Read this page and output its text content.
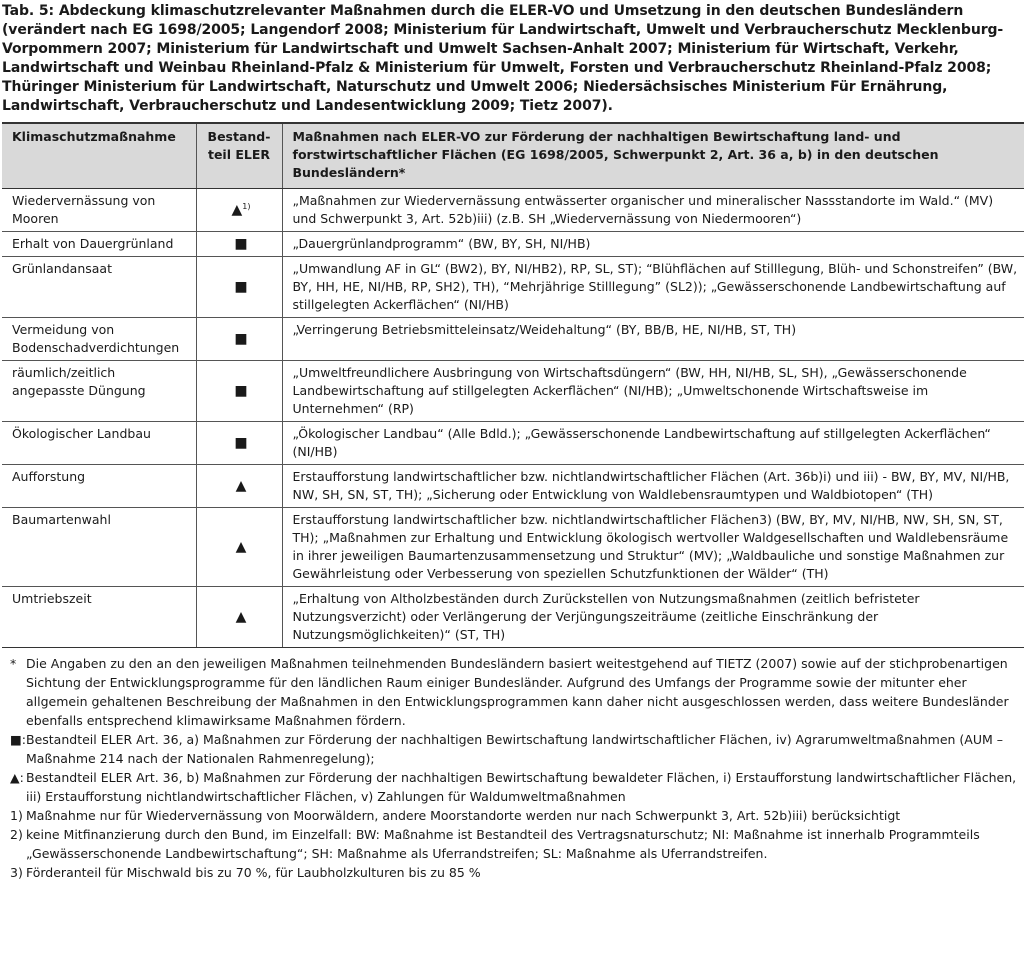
Tab. 5: Abdeckung klimaschutzrelevanter Maßnahmen durch die ELER-VO und Umsetzung in den deutschen Bundesländern (verändert nach EG 1698/2005; Langendorf 2008; Ministerium für Landwirtschaft, Umwelt und Verbraucherschutz Mecklenburg-Vorpommern 2007; Ministerium für Landwirtschaft und Umwelt Sachsen-Anhalt 2007; Ministerium für Wirtschaft, Verkehr, Landwirtschaft und Weinbau Rheinland-Pfalz & Ministerium für Umwelt, Forsten und Verbraucherschutz Rheinland-Pfalz 2008; Thüringer Ministerium für Landwirtschaft, Naturschutz und Umwelt 2006; Niedersächsisches Ministerium Für Ernährung, Landwirtschaft, Verbraucherschutz und Landesentwicklung 2009; Tietz 2007).

Klimaschutzmaßnahme	Bestand-teil ELER	Maßnahmen nach ELER-VO zur Förderung der nachhaltigen Bewirtschaftung land- und forstwirtschaftlicher Flächen (EG 1698/2005, Schwerpunkt 2, Art. 36 a, b) in den deutschen Bundesländern*
Wiedervernässung von Mooren	▲$^{1)}$	„Maßnahmen zur Wiedervernässung entwässerter organischer und mineralischer Nassstandorte im Wald.“ (MV) und Schwerpunkt 3, Art. 52b)iii) (z.B. SH „Wiedervernässung von Niedermooren“)
Erhalt von Dauergrünland	■	„Dauergrünlandprogramm“ (BW, BY, SH, NI/HB)
Grünlandansaat	■	„Umwandlung AF in GL“ (BW2), BY, NI/HB2), RP, SL, ST); “Blühflächen auf Stilllegung, Blüh- und Schonstreifen” (BW, BY, HH, HE, NI/HB, RP, SH2), TH), “Mehrjährige Stilllegung” (SL2)); „Gewässerschonende Landbewirtschaftung auf stillgelegten Ackerflächen“ (NI/HB)
Vermeidung von Bodenschadverdichtungen	■	„Verringerung Betriebsmitteleinsatz/Weidehaltung“ (BY, BB/B, HE, NI/HB, ST, TH)
räumlich/zeitlich angepasste Düngung	■	„Umweltfreundlichere Ausbringung von Wirtschaftsdüngern“ (BW, HH, NI/HB, SL, SH), „Gewässerschonende Landbewirtschaftung auf stillgelegten Ackerflächen“ (NI/HB); „Umweltschonende Wirtschaftsweise im Unternehmen“ (RP)
Ökologischer Landbau	■	„Ökologischer Landbau“ (Alle Bdld.); „Gewässerschonende Landbewirtschaftung auf stillgelegten Ackerflächen“ (NI/HB)
Aufforstung	▲	Erstaufforstung landwirtschaftlicher bzw. nichtlandwirtschaftlicher Flächen (Art. 36b)i) und iii) - BW, BY, MV, NI/HB, NW, SH, SN, ST, TH); „Sicherung oder Entwicklung von Waldlebensraumtypen und Waldbiotopen“ (TH)
Baumartenwahl	▲	Erstaufforstung landwirtschaftlicher bzw. nichtlandwirtschaftlicher Flächen3) (BW, BY, MV, NI/HB, NW, SH, SN, ST, TH); „Maßnahmen zur Erhaltung und Entwicklung ökologisch wertvoller Waldgesellschaften und Waldlebensräume in ihrer jeweiligen Baumartenzusammensetzung und Struktur“ (MV); „Waldbauliche und sonstige Maßnahmen zur Gewährleistung oder Verbesserung von speziellen Schutzfunktionen der Wälder“ (TH)
Umtriebszeit	▲	„Erhaltung von Altholzbeständen durch Zurückstellen von Nutzungsmaßnahmen (zeitlich befristeter Nutzungsverzicht) oder Verlängerung der Verjüngungszeiträume (zeitliche Einschränkung der Nutzungsmöglichkeiten)“ (ST, TH)
* Die Angaben zu den an den jeweiligen Maßnahmen teilnehmenden Bundesländern basiert weitestgehend auf TIETZ (2007) sowie auf der stichprobenartigen Sichtung der Entwicklungsprogramme für den ländlichen Raum einiger Bundesländer. Aufgrund des Umfangs der Programme sowie der mitunter eher allgemein gehaltenen Beschreibung der Maßnahmen in den Entwicklungsprogrammen kann daher nicht ausgeschlossen werden, dass weitere Bundesländer ebenfalls entsprechend klimawirksame Maßnahmen fördern.
■: Bestandteil ELER Art. 36, a) Maßnahmen zur Förderung der nachhaltigen Bewirtschaftung landwirtschaftlicher Flächen, iv) Agrarumweltmaßnahmen (AUM – Maßnahme 214 nach der Nationalen Rahmenregelung);
▲: Bestandteil ELER Art. 36, b) Maßnahmen zur Förderung der nachhaltigen Bewirtschaftung bewaldeter Flächen, i) Erstaufforstung landwirtschaftlicher Flächen, iii) Erstaufforstung nichtlandwirtschaftlicher Flächen, v) Zahlungen für Waldumweltmaßnahmen
1) Maßnahme nur für Wiedervernässung von Moorwäldern, andere Moorstandorte werden nur nach Schwerpunkt 3, Art. 52b)iii) berücksichtigt
2) keine Mitfinanzierung durch den Bund, im Einzelfall: BW: Maßnahme ist Bestandteil des Vertragsnaturschutz; NI: Maßnahme ist innerhalb Programmteils „Gewässerschonende Landbewirtschaftung“; SH: Maßnahme als Uferrandstreifen; SL: Maßnahme als Uferrandstreifen.
3) Förderanteil für Mischwald bis zu 70 %, für Laubholzkulturen bis zu 85 %
